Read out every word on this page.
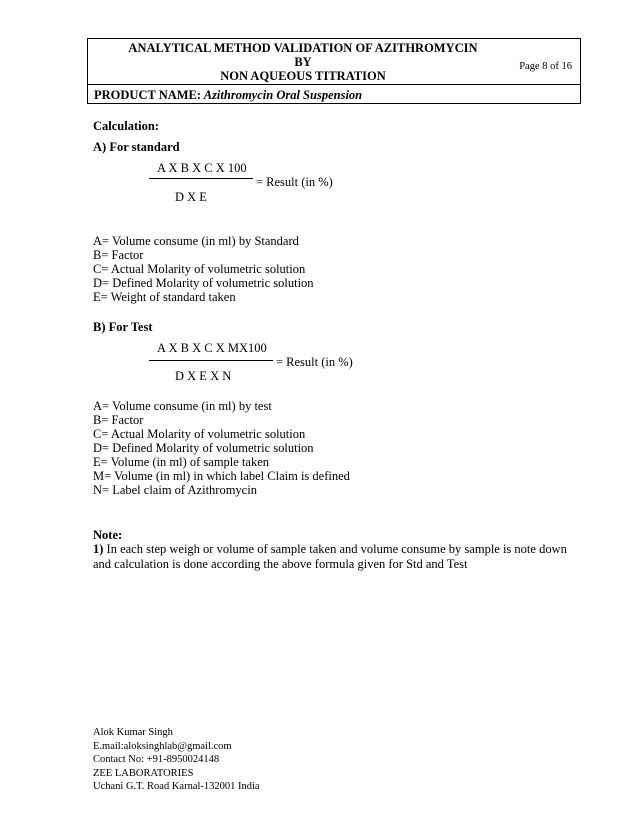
ANALYTICAL METHOD VALIDATION OF AZITHROMYCIN
BY
NON AQUEOUS TITRATION
Page 8 of 16
PRODUCT NAME: Azithromycin Oral Suspension
Calculation:
A) For standard
A X B X C X 100
= Result (in %)
D X E
A= Volume consume (in ml) by Standard
B= Factor
C= Actual Molarity of volumetric solution
D= Defined Molarity of volumetric solution
E= Weight of standard taken
B) For Test
A X B X C X MX100
= Result (in %)
D X E X N
A= Volume consume (in ml) by test
B= Factor
C= Actual Molarity of volumetric solution
D= Defined Molarity of volumetric solution
E= Volume (in ml) of sample taken
M= Volume (in ml) in which label Claim is defined
N= Label claim of Azithromycin
Note:
1) In each step weigh or volume of sample taken and volume consume by sample is note down
and calculation is done according the above formula given for Std and Test
Alok Kumar Singh
E.mail:aloksinghlab@gmail.com
Contact No: +91-8950024148
ZEE LABORATORIES
Uchani G.T. Road Karnal-132001 India
